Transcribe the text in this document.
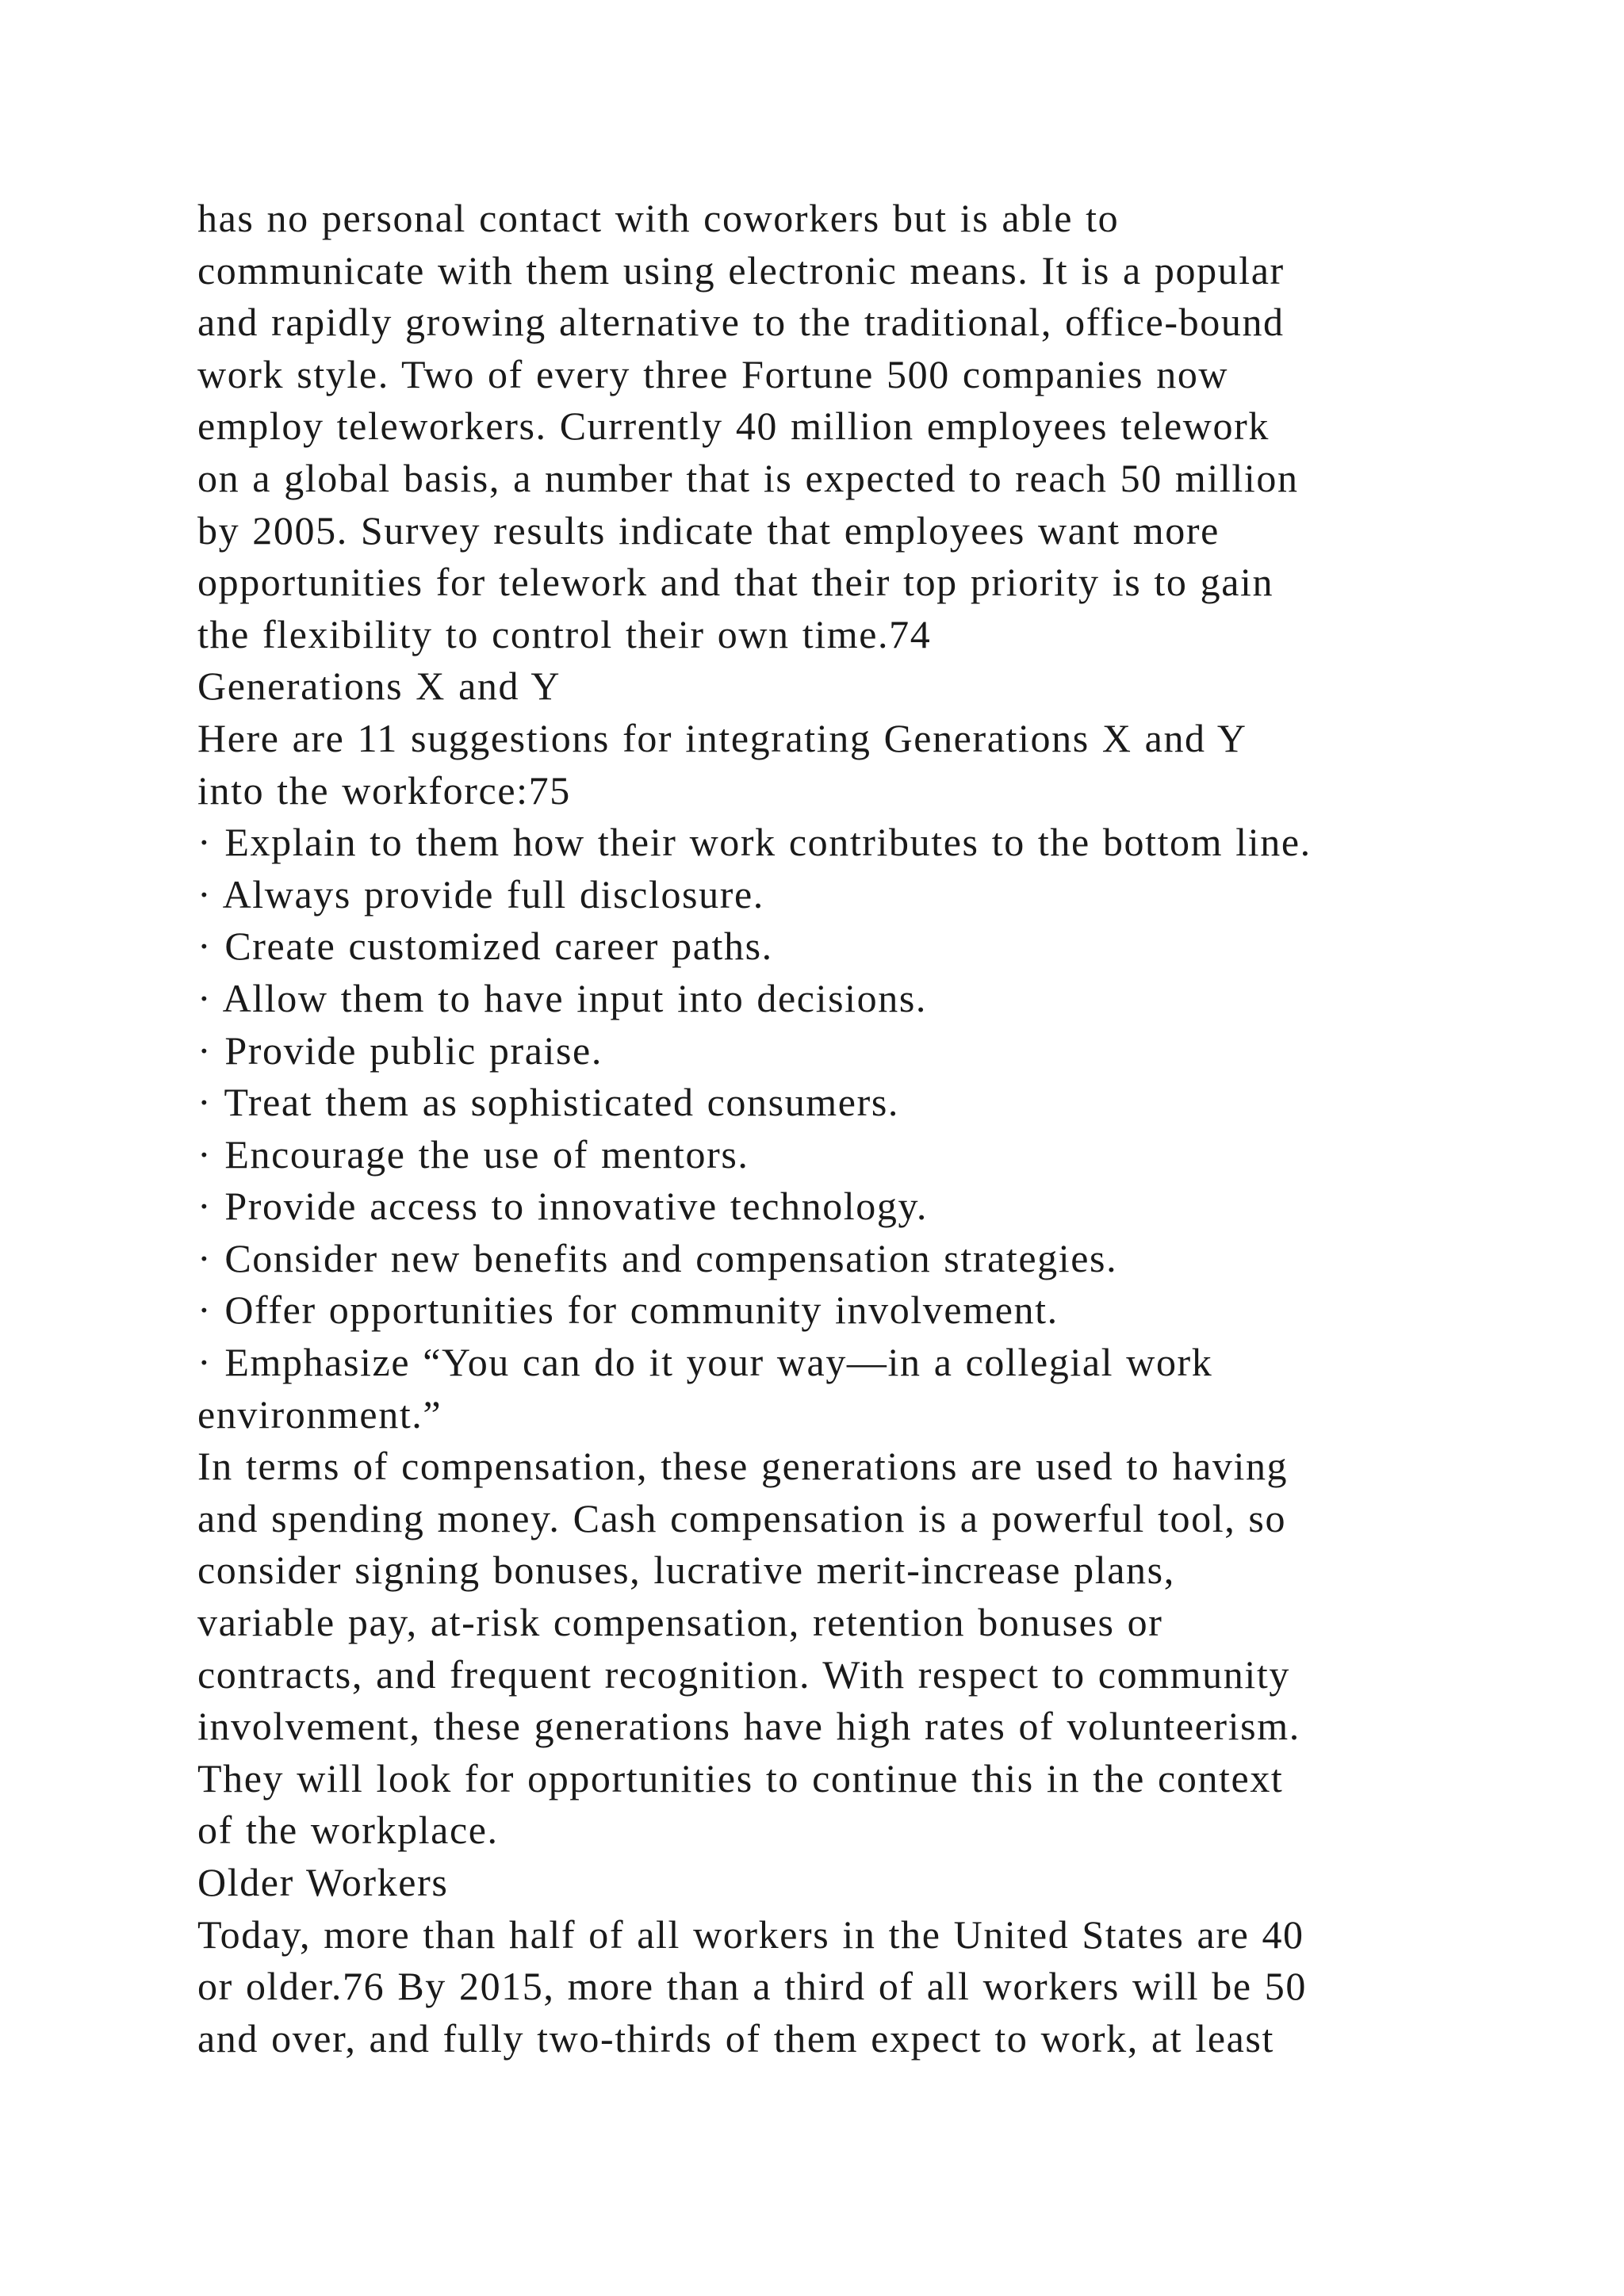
has no personal contact with coworkers but is able to
communicate with them using electronic means. It is a popular
and rapidly growing alternative to the traditional, office-bound
work style. Two of every three Fortune 500 companies now
employ teleworkers. Currently 40 million employees telework
on a global basis, a number that is expected to reach 50 million
by 2005. Survey results indicate that employees want more
opportunities for telework and that their top priority is to gain
the flexibility to control their own time.74
Generations X and Y
Here are 11 suggestions for integrating Generations X and Y
into the workforce:75
· Explain to them how their work contributes to the bottom line.
· Always provide full disclosure.
· Create customized career paths.
· Allow them to have input into decisions.
· Provide public praise.
· Treat them as sophisticated consumers.
· Encourage the use of mentors.
· Provide access to innovative technology.
· Consider new benefits and compensation strategies.
· Offer opportunities for community involvement.
· Emphasize “You can do it your way—in a collegial work
environment.”
In terms of compensation, these generations are used to having
and spending money. Cash compensation is a powerful tool, so
consider signing bonuses, lucrative merit-increase plans,
variable pay, at-risk compensation, retention bonuses or
contracts, and frequent recognition. With respect to community
involvement, these generations have high rates of volunteerism.
They will look for opportunities to continue this in the context
of the workplace.
Older Workers
Today, more than half of all workers in the United States are 40
or older.76 By 2015, more than a third of all workers will be 50
and over, and fully two-thirds of them expect to work, at least
